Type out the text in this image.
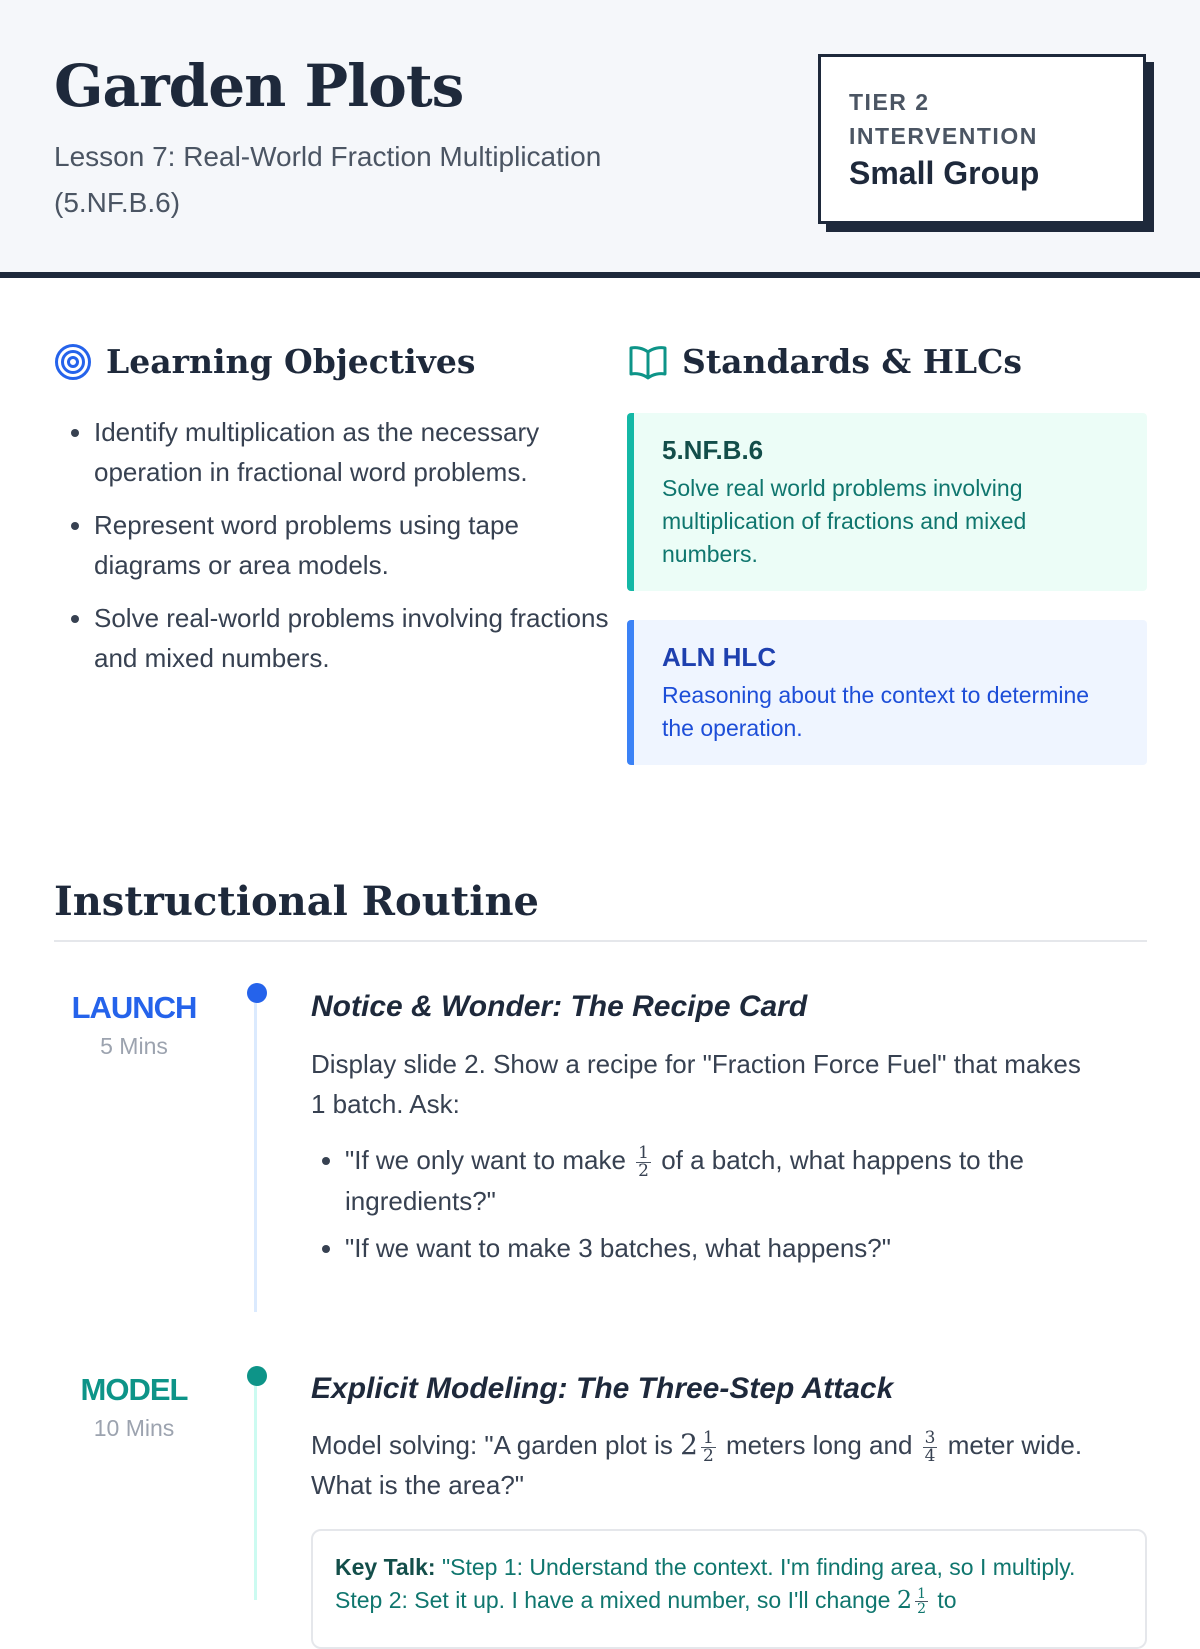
Garden Plots

Lesson 7: Real-World Fraction Multiplication (5.NF.B.6)

TIER 2 INTERVENTION
Small Group
Learning Objectives
• Identify multiplication as the necessary operation in fractional word problems.
• Represent word problems using tape diagrams or area models.
• Solve real-world problems involving fractions and mixed numbers.
Standards & HLCs
5.NF.B.6
Solve real world problems involving multiplication of fractions and mixed numbers.
ALN HLC
Reasoning about the context to determine the operation.
Instructional Routine
LAUNCH
5 Mins
Notice & Wonder: The Recipe Card

Display slide 2. Show a recipe for "Fraction Force Fuel" that makes 1 batch. Ask:

• "If we only want to make $\frac{1}{2}$ of a batch, what happens to the ingredients?"
• "If we want to make 3 batches, what happens?"
MODEL
10 Mins
Explicit Modeling: The Three-Step Attack

Model solving: "A garden plot is $2 \frac{1}{2}$ meters long and $\frac{3}{4}$ meter wide. What is the area?"

Key Talk: "Step 1: Understand the context. I'm finding area, so I multiply. Step 2: Set it up. I have a mixed number, so I'll change $2 \frac{1}{2}$ to
